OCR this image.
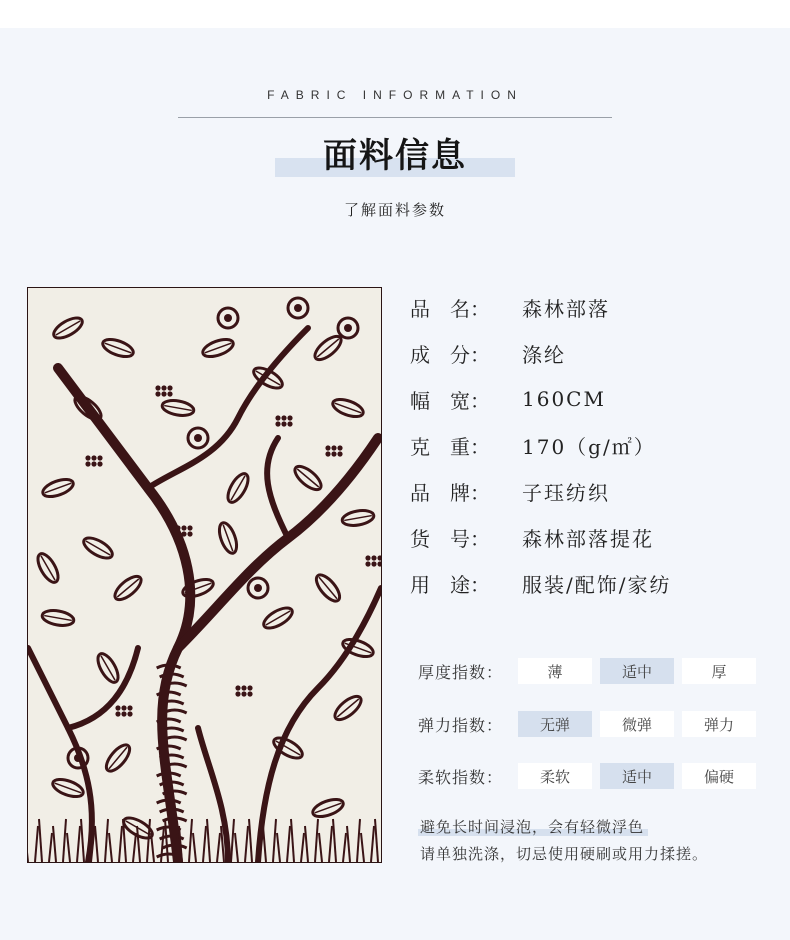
FABRIC INFORMATION
面料信息
了解面料参数
品　名：	森林部落
成　分：	涤纶
幅　宽：	160CM
克　重：	170（g/㎡）
品　牌：	子珏纺织
货　号：	森林部落提花
用　途：	服装/配饰/家纺
厚度指数：	薄	适中	厚
弹力指数：	无弹	微弹	弹力
柔软指数：	柔软	适中	偏硬
避免长时间浸泡，会有轻微浮色
请单独洗涤，切忌使用硬刷或用力揉搓。
